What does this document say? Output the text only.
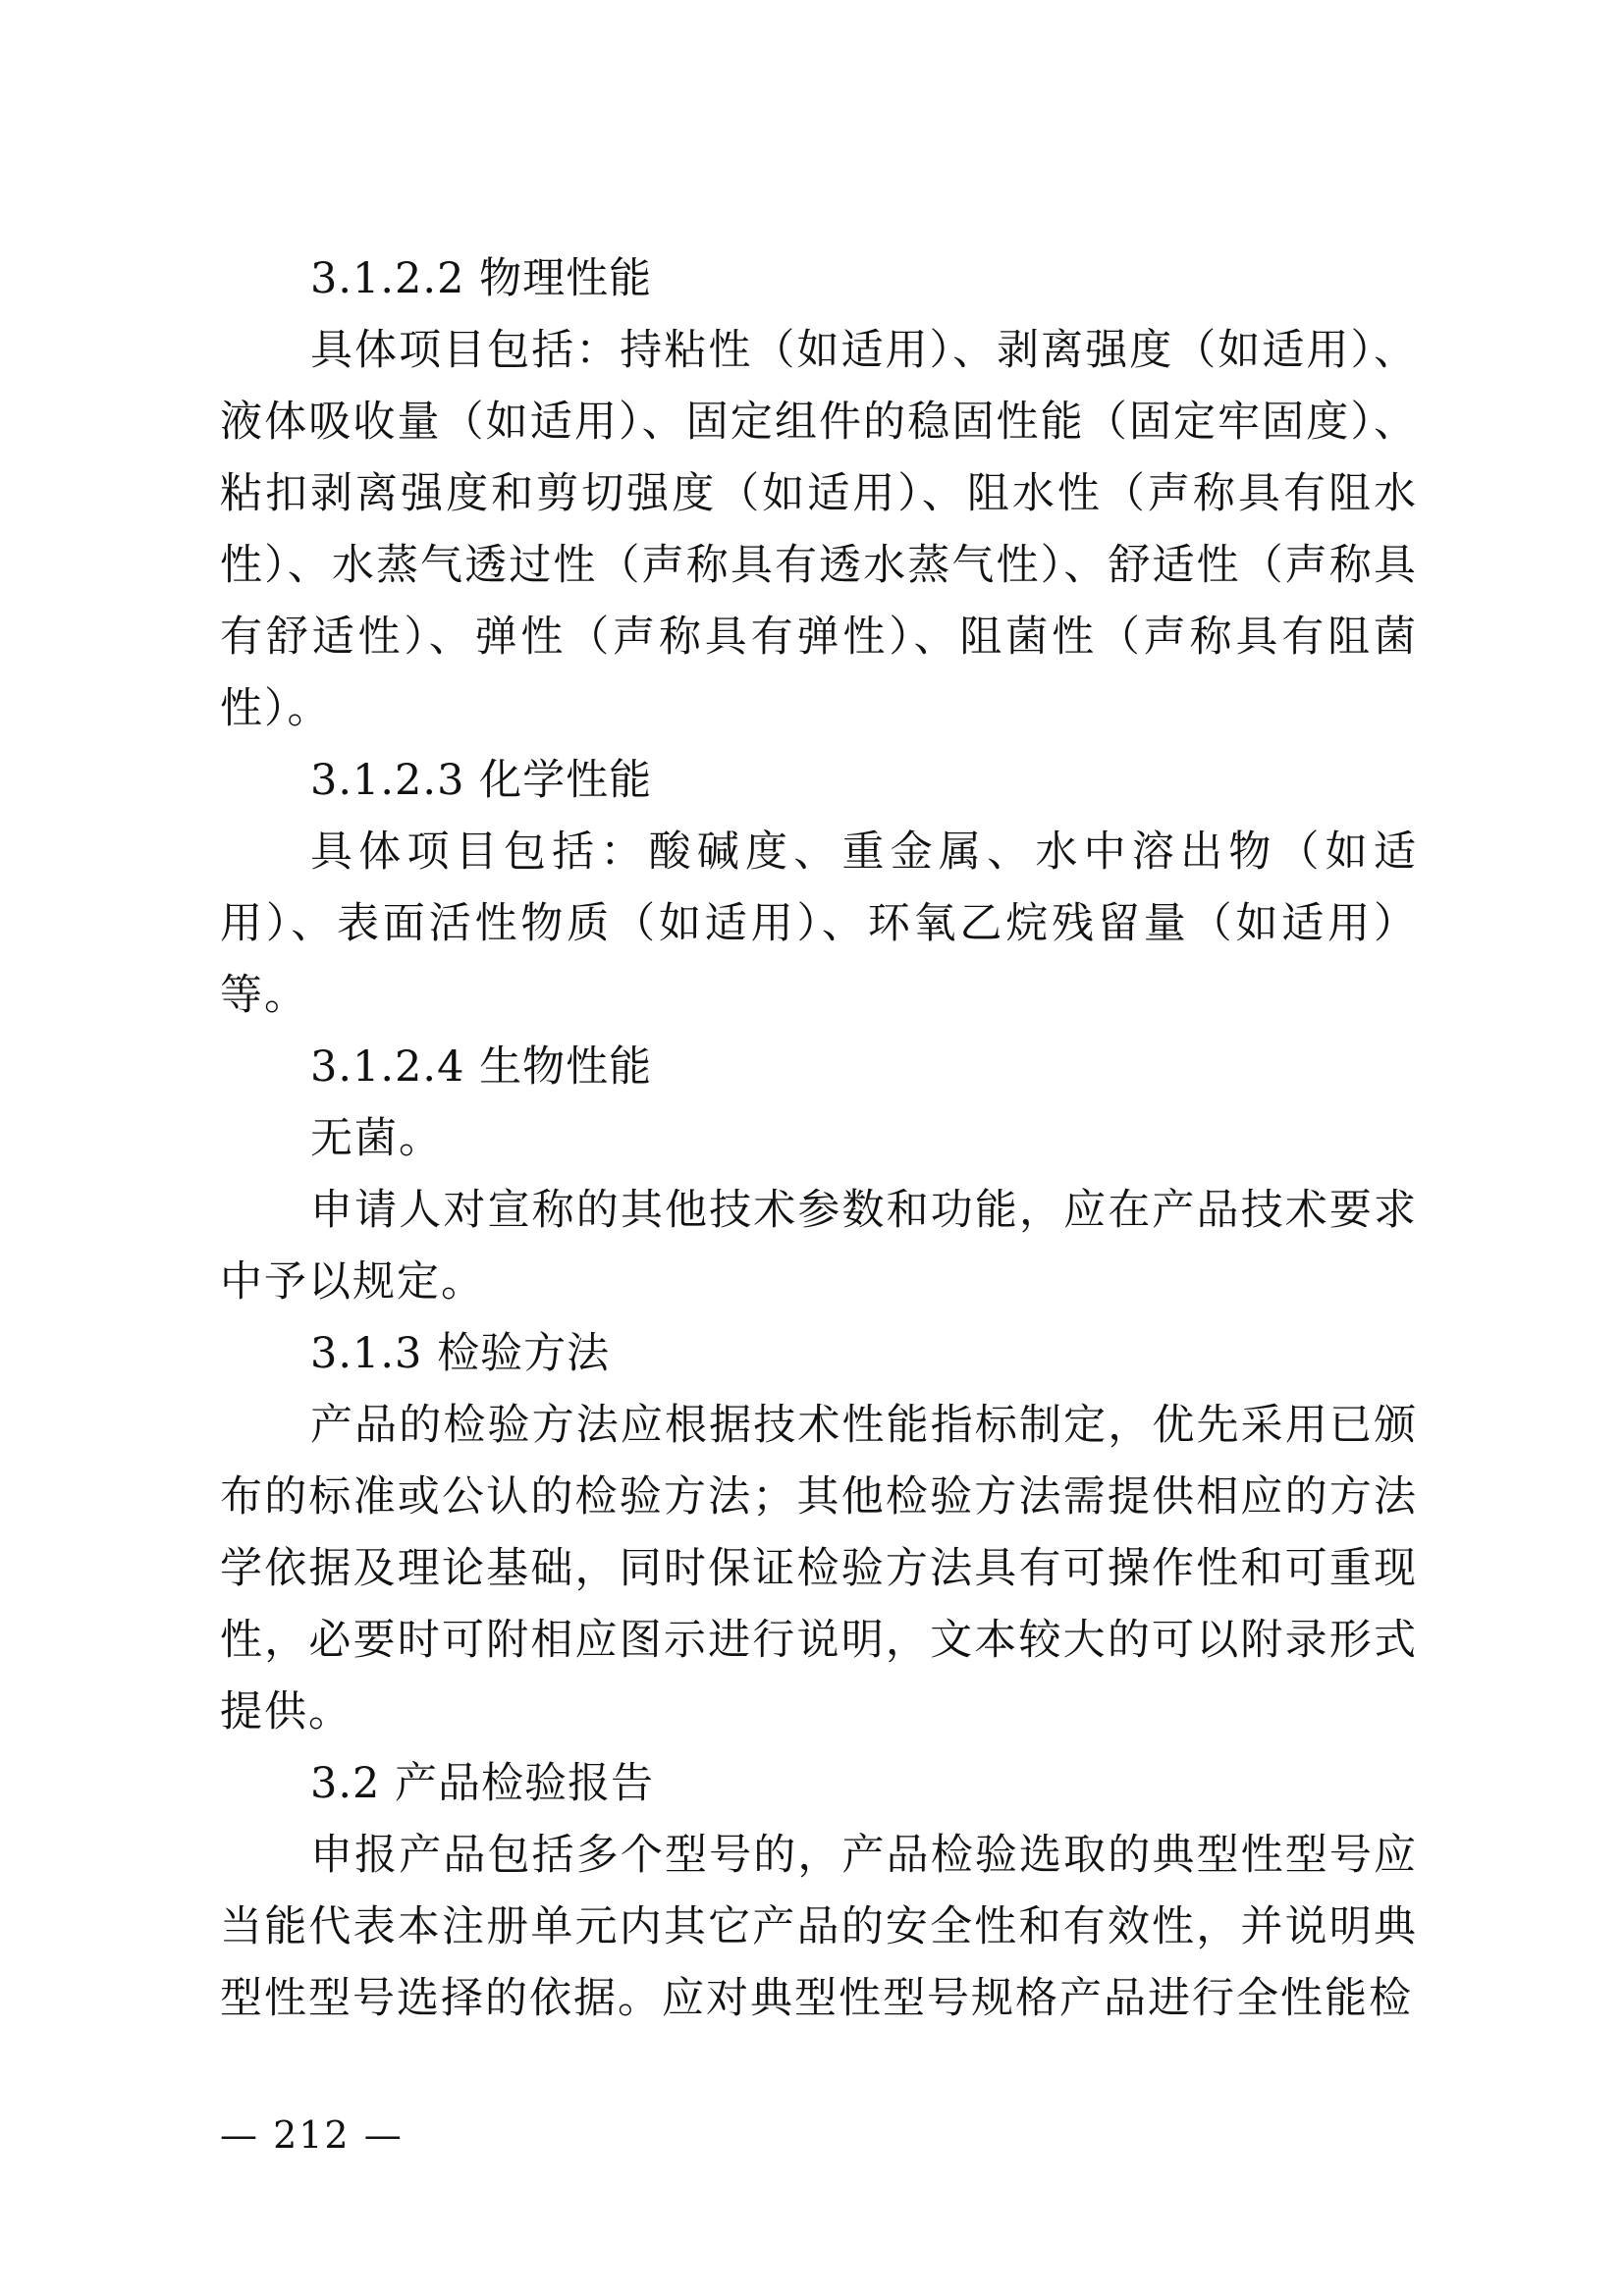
3.1.2.2 物理性能

具体项目包括：持粘性（如适用）、剥离强度（如适用）、液体吸收量（如适用）、固定组件的稳固性能（固定牢固度）、粘扣剥离强度和剪切强度（如适用）、阻水性（声称具有阻水性）、水蒸气透过性（声称具有透水蒸气性）、舒适性（声称具有舒适性）、弹性（声称具有弹性）、阻菌性（声称具有阻菌性）。

3.1.2.3 化学性能

具体项目包括：酸碱度、重金属、水中溶出物（如适用）、表面活性物质（如适用）、环氧乙烷残留量（如适用）等。

3.1.2.4 生物性能

无菌。

申请人对宣称的其他技术参数和功能，应在产品技术要求中予以规定。

3.1.3 检验方法

产品的检验方法应根据技术性能指标制定，优先采用已颁布的标准或公认的检验方法；其他检验方法需提供相应的方法学依据及理论基础，同时保证检验方法具有可操作性和可重现性，必要时可附相应图示进行说明，文本较大的可以附录形式提供。

3.2 产品检验报告

申报产品包括多个型号的，产品检验选取的典型性型号应当能代表本注册单元内其它产品的安全性和有效性，并说明典型性型号选择的依据。应对典型性型号规格产品进行全性能检

— 212 —
